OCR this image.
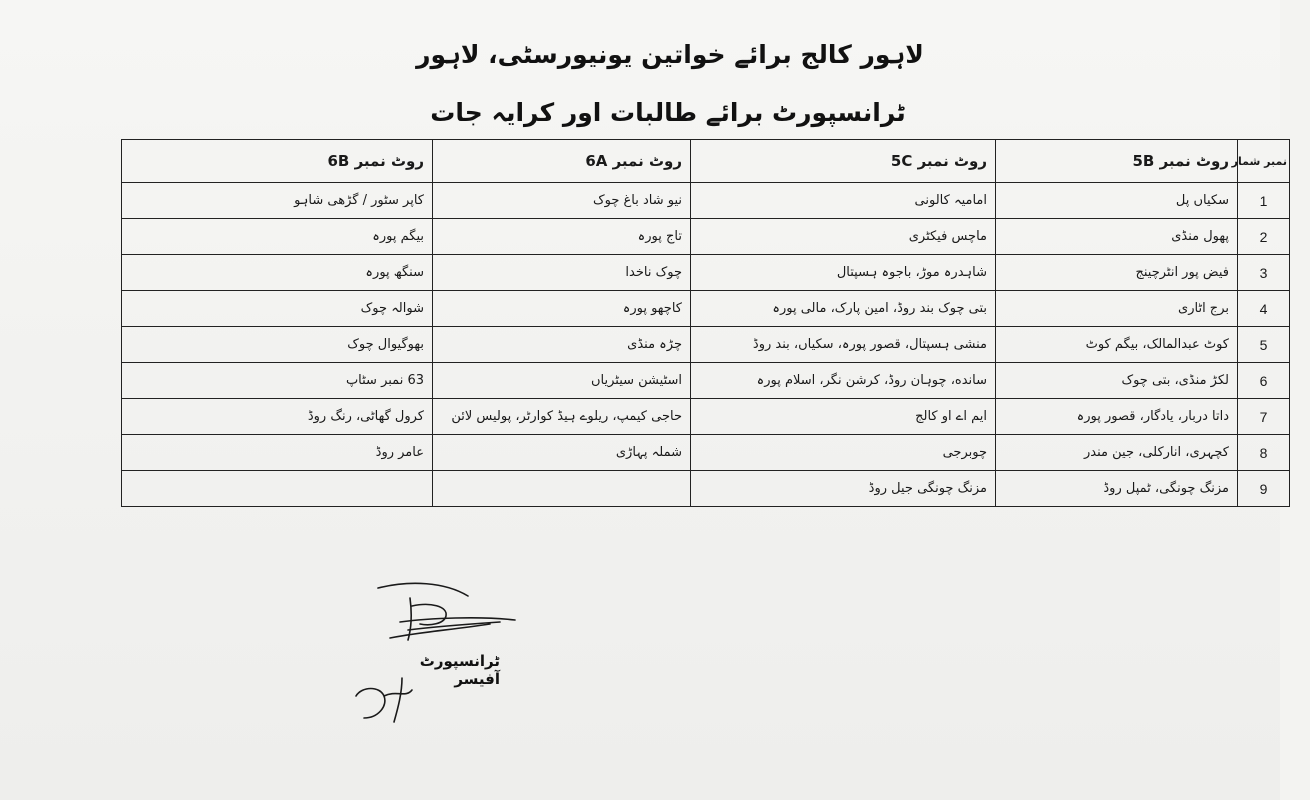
لاہور کالج برائے خواتین یونیورسٹی، لاہور
ٹرانسپورٹ برائے طالبات اور کرایہ جات
نمبر شمار	روٹ نمبر 5B	روٹ نمبر 5C	روٹ نمبر 6A	روٹ نمبر 6B
1	سکیاں پل	امامیہ کالونی	نیو شاد باغ چوک	کاپر سٹور / گڑھی شاہو
2	پھول منڈی	ماچس فیکٹری	تاج پورہ	بیگم پورہ
3	فیض پور انٹرچینج	شاہدرہ موڑ، باجوہ ہسپتال	چوک ناخدا	سنگھ پورہ
4	برج اٹاری	بتی چوک بند روڈ، امین پارک، مالی پورہ	کاچھو پورہ	شوالہ چوک
5	کوٹ عبدالمالک، بیگم کوٹ	منشی ہسپتال، قصور پورہ، سکیاں، بند روڈ	چڑہ منڈی	بھوگیوال چوک
6	لکڑ منڈی، بتی چوک	سانده، چوہان روڈ، کرشن نگر، اسلام پورہ	اسٹیشن سیٹریاں	63 نمبر سٹاپ
7	داتا دربار، یادگار، قصور پورہ	ایم اے او کالج	حاجی کیمپ، ریلوے ہیڈ کوارٹر، پولیس لائن	کرول گھاٹی، رنگ روڈ
8	کچہری، انارکلی، جین مندر	چوبرجی	شملہ پہاڑی	عامر روڈ
9	مزنگ چونگی، ٹمپل روڈ	مزنگ چونگی جیل روڈ		
ٹرانسپورٹ آفیسر
